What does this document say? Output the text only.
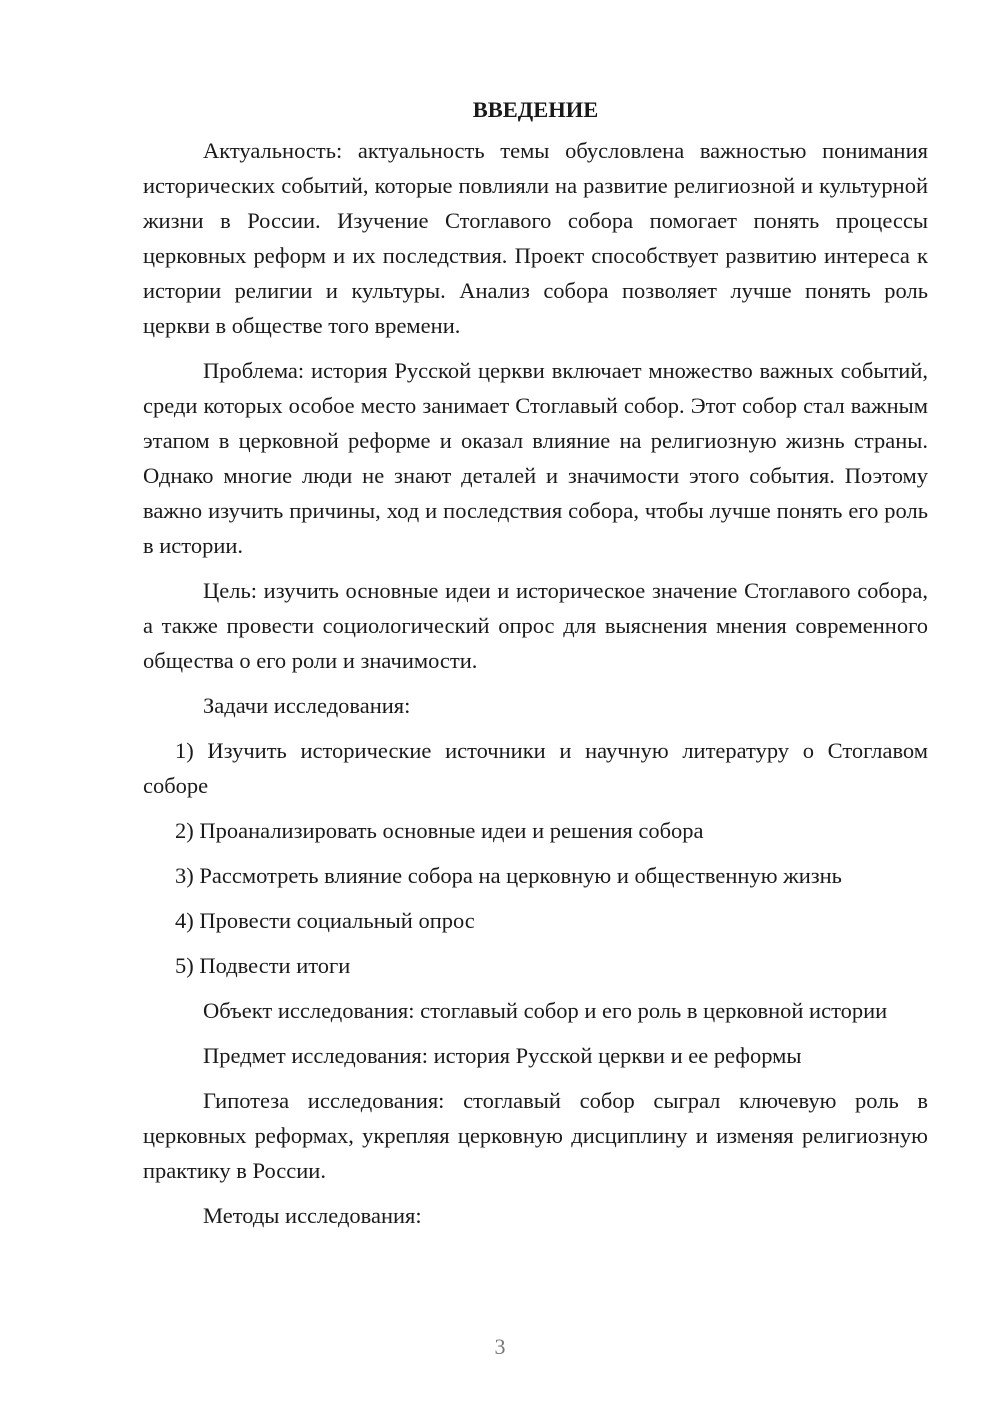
ВВЕДЕНИЕ

Актуальность: актуальность темы обусловлена важностью понимания исторических событий, которые повлияли на развитие религиозной и культурной жизни в России. Изучение Стоглавого собора помогает понять процессы церковных реформ и их последствия. Проект способствует развитию интереса к истории религии и культуры. Анализ собора позволяет лучше понять роль церкви в обществе того времени.

Проблема: история Русской церкви включает множество важных событий, среди которых особое место занимает Стоглавый собор. Этот собор стал важным этапом в церковной реформе и оказал влияние на религиозную жизнь страны. Однако многие люди не знают деталей и значимости этого события. Поэтому важно изучить причины, ход и последствия собора, чтобы лучше понять его роль в истории.

Цель: изучить основные идеи и историческое значение Стоглавого собора, а также провести социологический опрос для выяснения мнения современного общества о его роли и значимости.

Задачи исследования:

1) Изучить исторические источники и научную литературу о Стоглавом соборе

2) Проанализировать основные идеи и решения собора

3) Рассмотреть влияние собора на церковную и общественную жизнь

4) Провести социальный опрос

5) Подвести итоги

Объект исследования: стоглавый собор и его роль в церковной истории

Предмет исследования: история Русской церкви и ее реформы

Гипотеза исследования: стоглавый собор сыграл ключевую роль в церковных реформах, укрепляя церковную дисциплину и изменяя религиозную практику в России.

Методы исследования:

3
